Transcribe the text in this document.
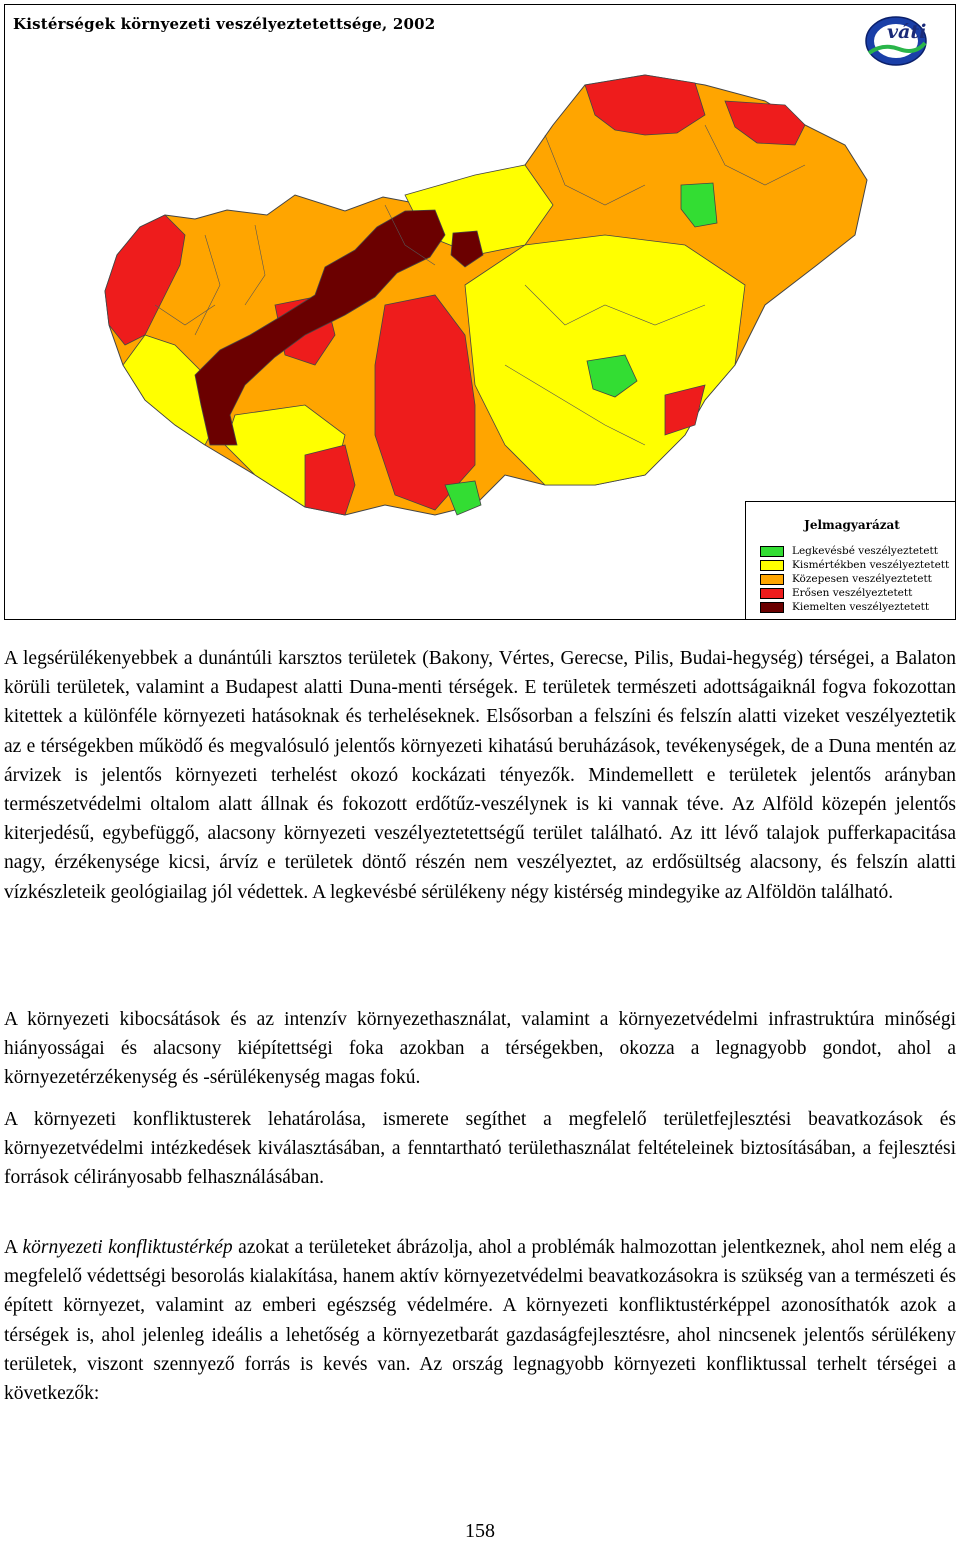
Kistérségek környezeti veszélyeztetettsége, 2002	váti
Jelmagyarázat
Legkevésbé veszélyeztetett
Kismértékben veszélyeztetett
Közepesen veszélyeztetett
Erősen veszélyeztetett
Kiemelten veszélyeztetett

A legsérülékenyebbek a dunántúli karsztos területek (Bakony, Vértes, Gerecse, Pilis, Budai-hegység) térségei, a Balaton körüli területek, valamint a Budapest alatti Duna-menti térségek. E területek természeti adottságaiknál fogva fokozottan kitettek a különféle környezeti hatásoknak és terheléseknek. Elsősorban a felszíni és felszín alatti vizeket veszélyeztetik az e térségekben működő és megvalósuló jelentős környezeti kihatású beruházások, tevékenységek, de a Duna mentén az árvizek is jelentős környezeti terhelést okozó kockázati tényezők. Mindemellett e területek jelentős arányban természetvédelmi oltalom alatt állnak és fokozott erdőtűz-veszélynek is ki vannak téve. Az Alföld közepén jelentős kiterjedésű, egybefüggő, alacsony környezeti veszélyeztetettségű terület található. Az itt lévő talajok pufferkapacitása nagy, érzékenysége kicsi, árvíz e területek döntő részén nem veszélyeztet, az erdősültség alacsony, és felszín alatti vízkészleteik geológiailag jól védettek. A legkevésbé sérülékeny négy kistérség mindegyike az Alföldön található.

A környezeti kibocsátások és az intenzív környezethasználat, valamint a környezetvédelmi infrastruktúra minőségi hiányosságai és alacsony kiépítettségi foka azokban a térségekben, okozza a legnagyobb gondot, ahol a környezetérzékenység és -sérülékenység magas fokú.

A környezeti konfliktusterek lehatárolása, ismerete segíthet a megfelelő területfejlesztési beavatkozások és környezetvédelmi intézkedések kiválasztásában, a fenntartható területhasználat feltételeinek biztosításában, a fejlesztési források célirányosabb felhasználásában.

A környezeti konfliktustérkép azokat a területeket ábrázolja, ahol a problémák halmozottan jelentkeznek, ahol nem elég a megfelelő védettségi besorolás kialakítása, hanem aktív környezetvédelmi beavatkozásokra is szükség van a természeti és épített környezet, valamint az emberi egészség védelmére. A környezeti konfliktustérképpel azonosíthatók azok a térségek is, ahol jelenleg ideális a lehetőség a környezetbarát gazdaságfejlesztésre, ahol nincsenek jelentős sérülékeny területek, viszont szennyező forrás is kevés van. Az ország legnagyobb környezeti konfliktussal terhelt térségei a következők:

158
